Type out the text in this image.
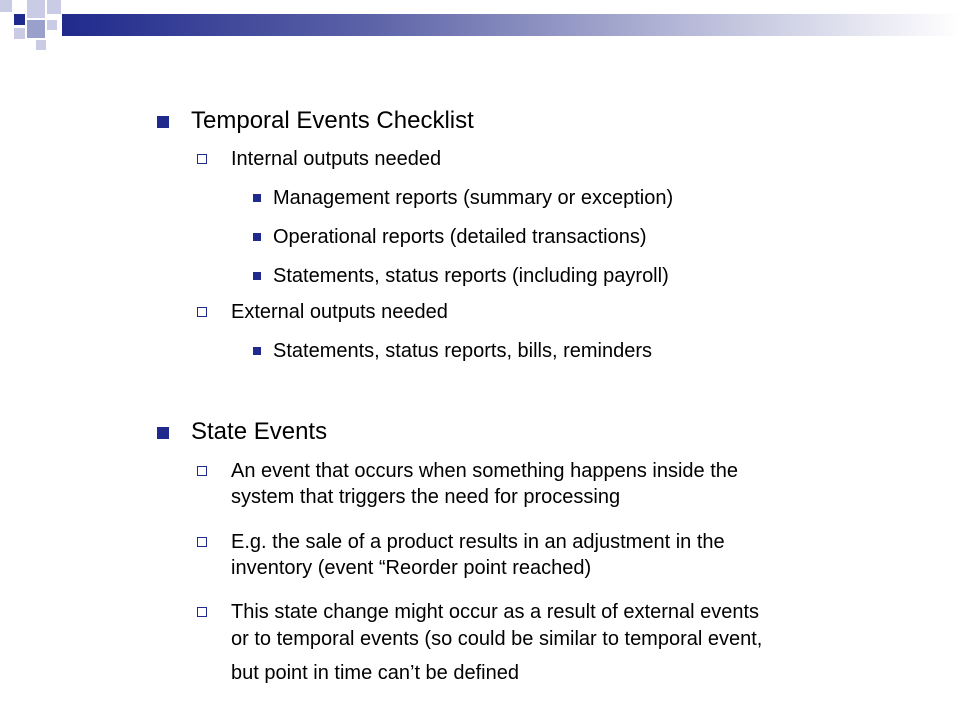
Temporal Events Checklist
Internal outputs needed
Management reports (summary or exception)
Operational reports (detailed transactions)
Statements, status reports (including payroll)
External outputs needed
Statements, status reports, bills, reminders
State Events
An event that occurs when something happens inside the
system that triggers the need for processing
E.g. the sale of a product results in an adjustment in the
inventory (event “Reorder point reached)
This state change might occur as a result of external events
or to temporal events (so could be similar to temporal event,
but point in time can’t be defined
